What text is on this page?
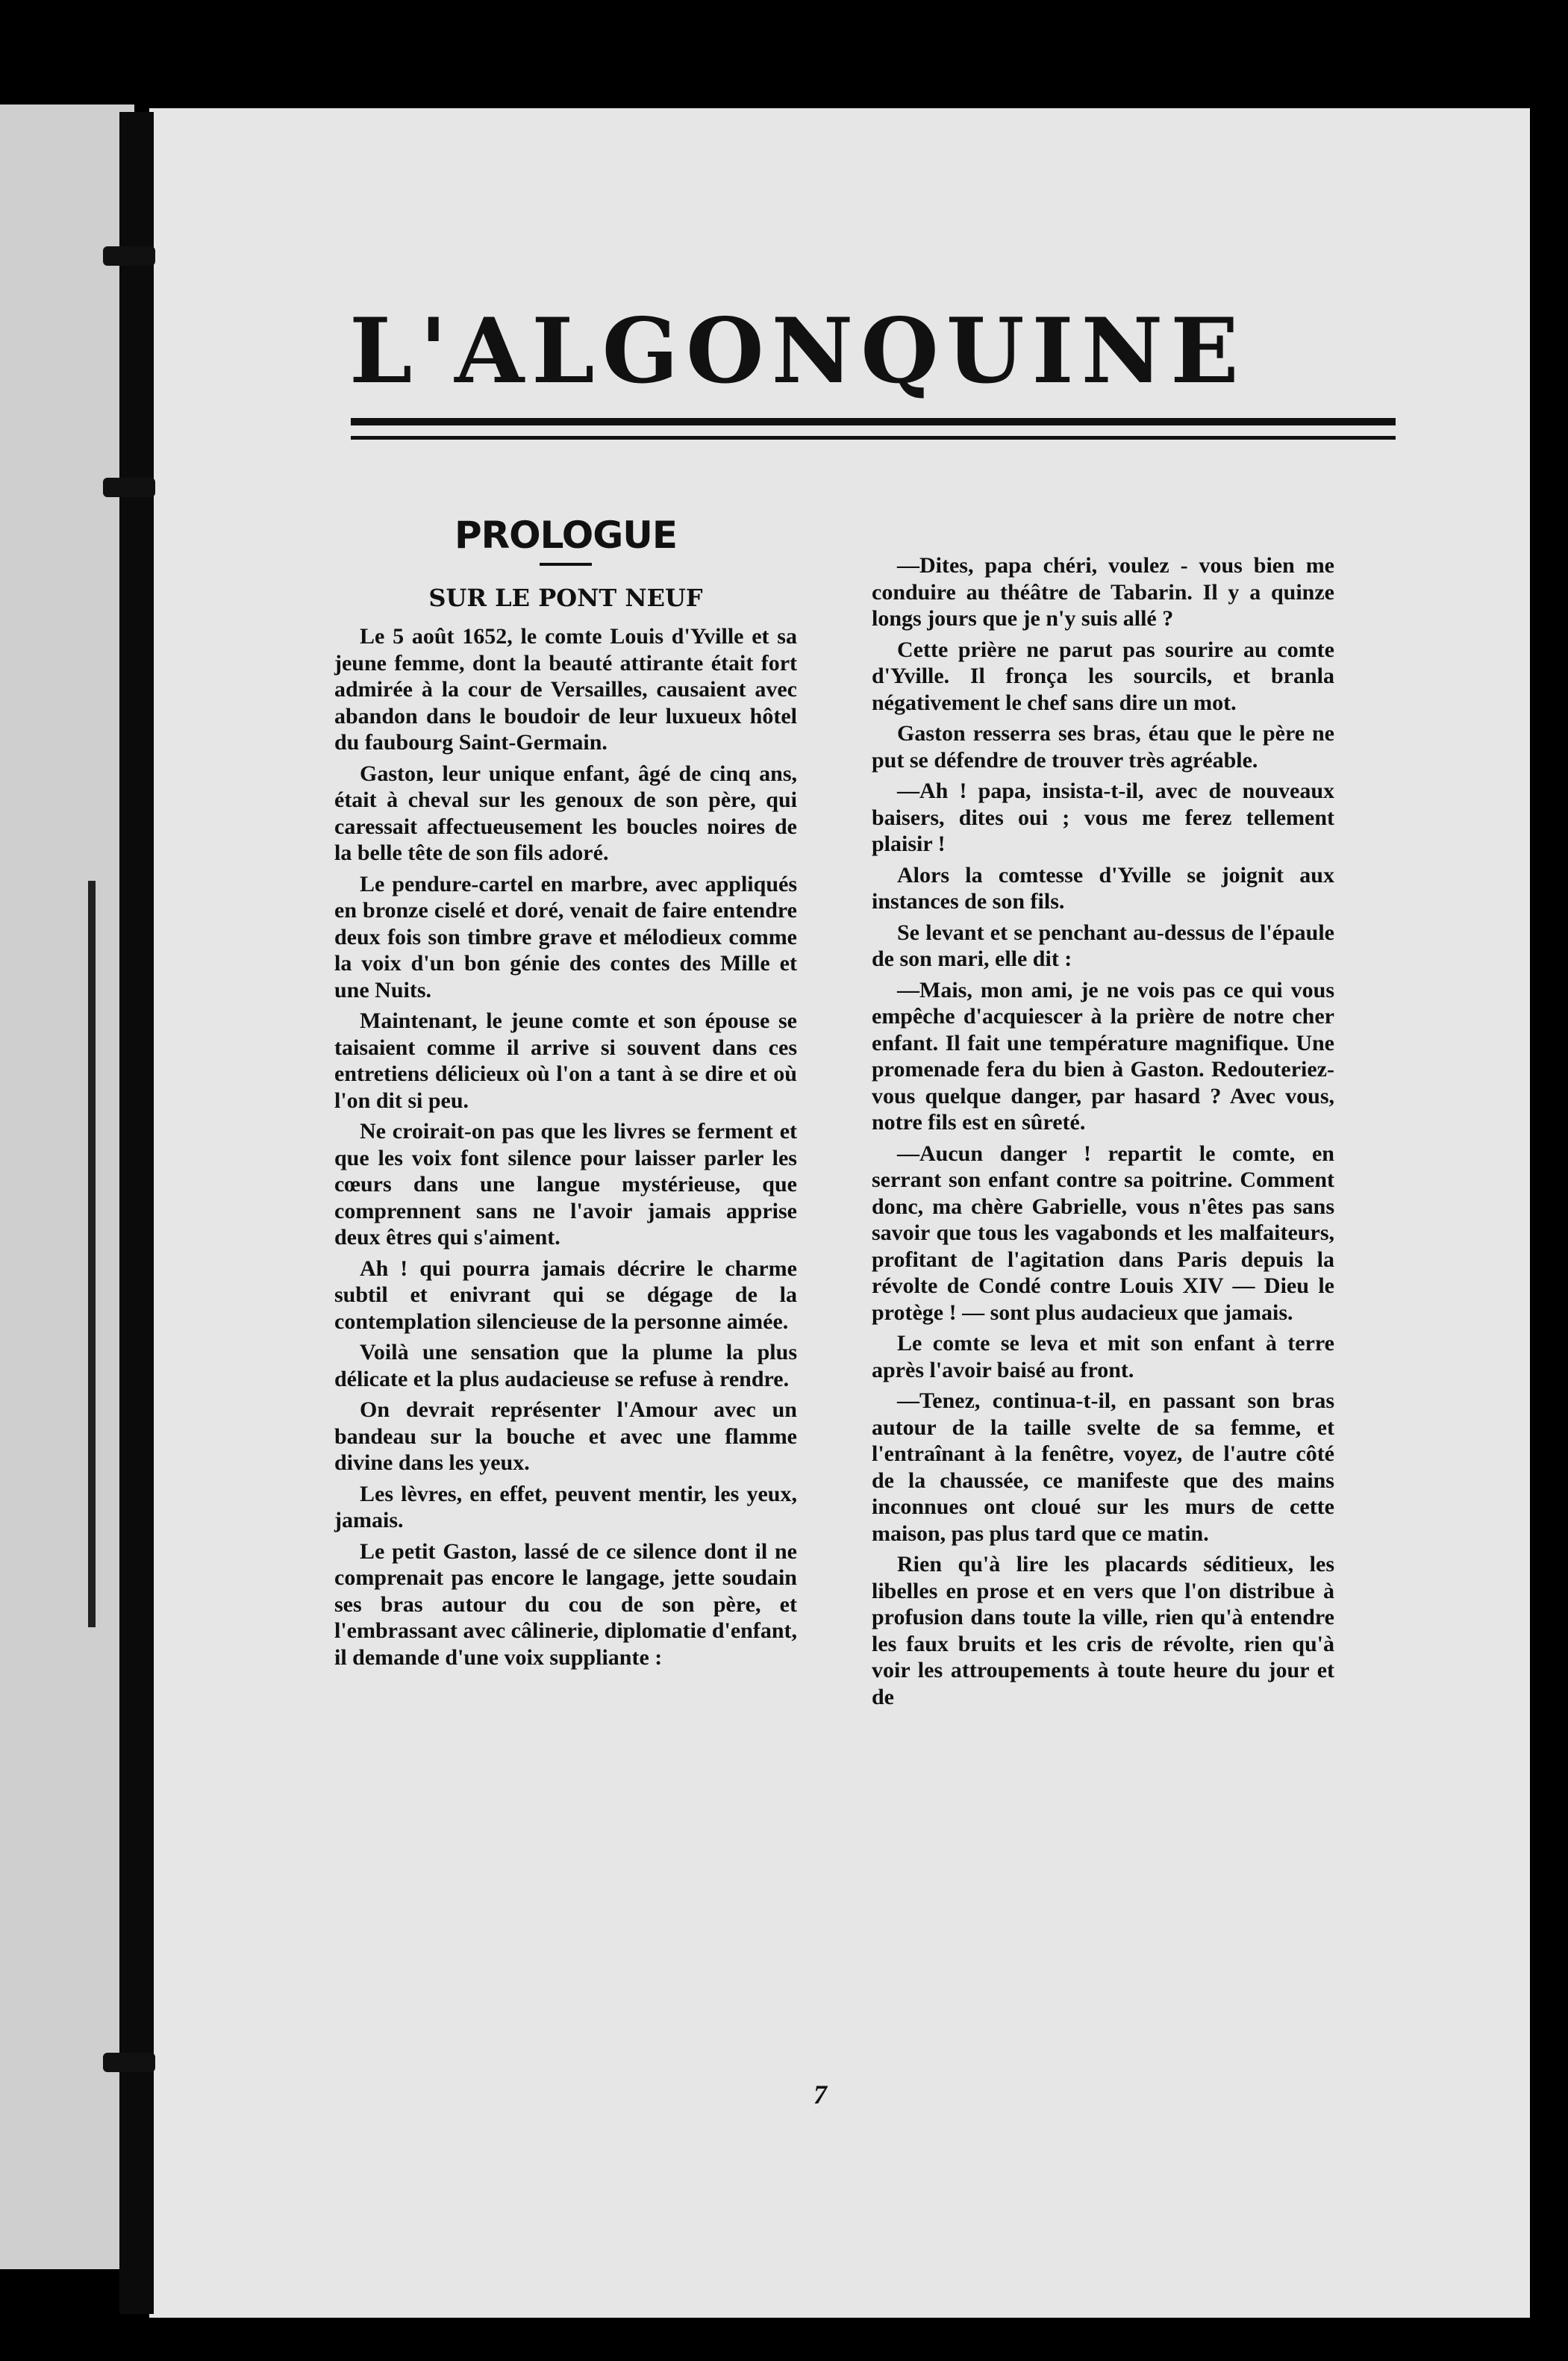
L'ALGONQUINE

PROLOGUE

SUR LE PONT NEUF

Le 5 août 1652, le comte Louis d'Yville et sa jeune femme, dont la beauté attirante était fort admirée à la cour de Versailles, causaient avec abandon dans le boudoir de leur luxueux hôtel du faubourg Saint-Germain.

Gaston, leur unique enfant, âgé de cinq ans, était à cheval sur les genoux de son père, qui caressait affectueusement les boucles noires de la belle tête de son fils adoré.

Le pendure-cartel en marbre, avec appliqués en bronze ciselé et doré, venait de faire entendre deux fois son timbre grave et mélodieux comme la voix d'un bon génie des contes des Mille et une Nuits.

Maintenant, le jeune comte et son épouse se taisaient comme il arrive si souvent dans ces entretiens délicieux où l'on a tant à se dire et où l'on dit si peu.

Ne croirait-on pas que les livres se ferment et que les voix font silence pour laisser parler les cœurs dans une langue mystérieuse, que comprennent sans ne l'avoir jamais apprise deux êtres qui s'aiment.

Ah ! qui pourra jamais décrire le charme subtil et enivrant qui se dégage de la contemplation silencieuse de la personne aimée.

Voilà une sensation que la plume la plus délicate et la plus audacieuse se refuse à rendre.

On devrait représenter l'Amour avec un bandeau sur la bouche et avec une flamme divine dans les yeux.

Les lèvres, en effet, peuvent mentir, les yeux, jamais.

Le petit Gaston, lassé de ce silence dont il ne comprenait pas encore le langage, jette soudain ses bras autour du cou de son père, et l'embrassant avec câlinerie, diplomatie d'enfant, il demande d'une voix suppliante :

—Dites, papa chéri, voulez - vous bien me conduire au théâtre de Tabarin. Il y a quinze longs jours que je n'y suis allé ?

Cette prière ne parut pas sourire au comte d'Yville. Il fronça les sourcils, et branla négativement le chef sans dire un mot.

Gaston resserra ses bras, étau que le père ne put se défendre de trouver très agréable.

—Ah ! papa, insista-t-il, avec de nouveaux baisers, dites oui ; vous me ferez tellement plaisir !

Alors la comtesse d'Yville se joignit aux instances de son fils.

Se levant et se penchant au-dessus de l'épaule de son mari, elle dit :

—Mais, mon ami, je ne vois pas ce qui vous empêche d'acquiescer à la prière de notre cher enfant. Il fait une température magnifique. Une promenade fera du bien à Gaston. Redouteriez-vous quelque danger, par hasard ? Avec vous, notre fils est en sûreté.

—Aucun danger ! repartit le comte, en serrant son enfant contre sa poitrine. Comment donc, ma chère Gabrielle, vous n'êtes pas sans savoir que tous les vagabonds et les malfaiteurs, profitant de l'agitation dans Paris depuis la révolte de Condé contre Louis XIV — Dieu le protège ! — sont plus audacieux que jamais.

Le comte se leva et mit son enfant à terre après l'avoir baisé au front.

—Tenez, continua-t-il, en passant son bras autour de la taille svelte de sa femme, et l'entraînant à la fenêtre, voyez, de l'autre côté de la chaussée, ce manifeste que des mains inconnues ont cloué sur les murs de cette maison, pas plus tard que ce matin.

Rien qu'à lire les placards séditieux, les libelles en prose et en vers que l'on distribue à profusion dans toute la ville, rien qu'à entendre les faux bruits et les cris de révolte, rien qu'à voir les attroupements à toute heure du jour et de

7
